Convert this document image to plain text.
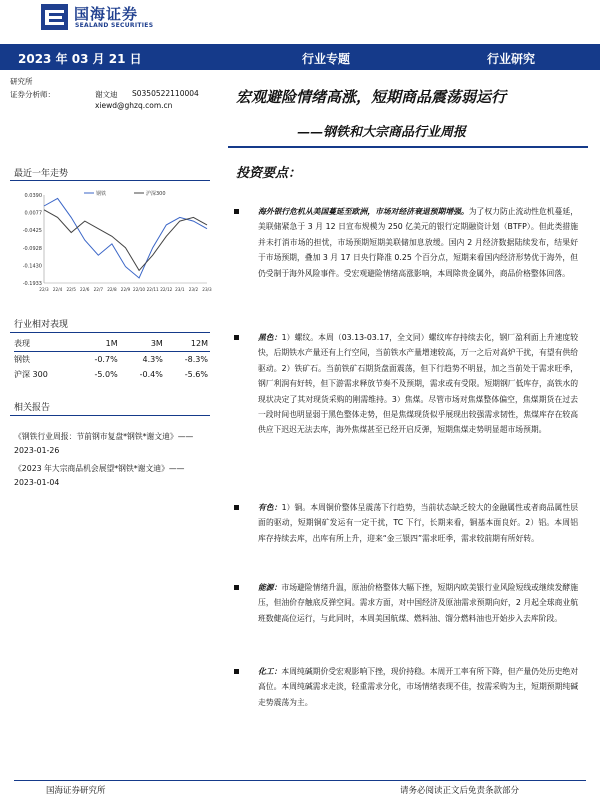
国海证券
SEALAND SECURITIES
2023 年 03 月 21 日	行业专题	行业研究
研究所
证券分析师：	谢文迪 S0350522110004
xiewd@ghzq.com.cn	宏观避险情绪高涨，短期商品震荡弱运行
——钢铁和大宗商品行业周报
最近一年走势
0.0390
0.0077
-0.0425
-0.0928
-0.1430
-0.1933
22/3 22/4 22/5 22/6 22/7 22/8 22/9 22/10 22/11 22/12 23/1 23/2 23/3
钢铁	沪深300
行业相对表现
表现	1M	3M	12M
钢铁	-0.7%	4.3%	-8.3%
沪深 300	-5.0%	-0.4%	-5.6%
相关报告
《钢铁行业周报：节前钢市复盘*钢铁*谢文迪》——
2023-01-26
《2023 年大宗商品机会展望*钢铁*谢文迪》——
2023-01-04
投资要点：
海外银行危机从美国蔓延至欧洲，市场对经济衰退预期增强。为了权力防止流动性危机蔓延，美联储紧急于 3 月 12 日宣布规模为 250 亿美元的银行定期融资计划（BTFP）。但此类措施并未打消市场的担忧，市场预期短期美联储加息放缓。国内 2 月经济数据陆续发布，结果好于市场预期，叠加 3 月 17 日央行降准 0.25 个百分点，短期来看国内经济形势优于海外，但仍受制于海外风险事件。受宏观避险情绪高涨影响，本周除贵金属外，商品价格整体回落。
黑色：1）螺纹。本周（03.13-03.17，全文同）螺纹库存持续去化，钢厂盈利面上升速度较快，后期铁水产量还有上行空间，当前铁水产量增速较高，万一之后对高炉干扰，有望有供给驱动。2）铁矿石。当前铁矿石期货盘面震荡，但下行趋势不明显，加之当前处于需求旺季，钢厂利润有好转，但下游需求释放节奏不及预期，需求或有受限。短期钢厂低库存，高铁水的现状决定了其对现货采购的刚需维持。3）焦煤。尽管市场对焦煤整体偏空，焦煤期货在过去一段时间也明显弱于黑色整体走势，但是焦煤现货似乎展现出较强需求韧性，焦煤库存在较高供应下迟迟无法去库，海外焦煤甚至已经开启反弹，短期焦煤走势明显超市场预期。
有色：1）铜。本周铜价整体呈震荡下行趋势，当前状态缺乏较大的金融属性或者商品属性层面的驱动，短期铜矿发运有一定干扰，TC 下行，长期来看，铜基本面良好。2）铝。本周铝库存持续去库，出库有所上升，迎来“金三银四”需求旺季，需求较前期有所好转。
能源：市场避险情绪升温，原油价格整体大幅下挫，短期内欧美银行业风险短线或继续发酵施压，但油价存触底反弹空间。需求方面，对中国经济及原油需求预期向好，2 月起全球商业航班数健高位运行，与此同时，本周美国航煤、燃料油、馏分燃料油也开始步入去库阶段。
化工：本周纯碱期价受宏观影响下挫，现价持稳。本周开工率有所下降，但产量仍处历史绝对高位。本周纯碱需求走淡，轻重需求分化，市场情绪表现不佳，按需采购为主，短期预期纯碱走势震荡为主。
国海证券研究所	请务必阅读正文后免责条款部分
